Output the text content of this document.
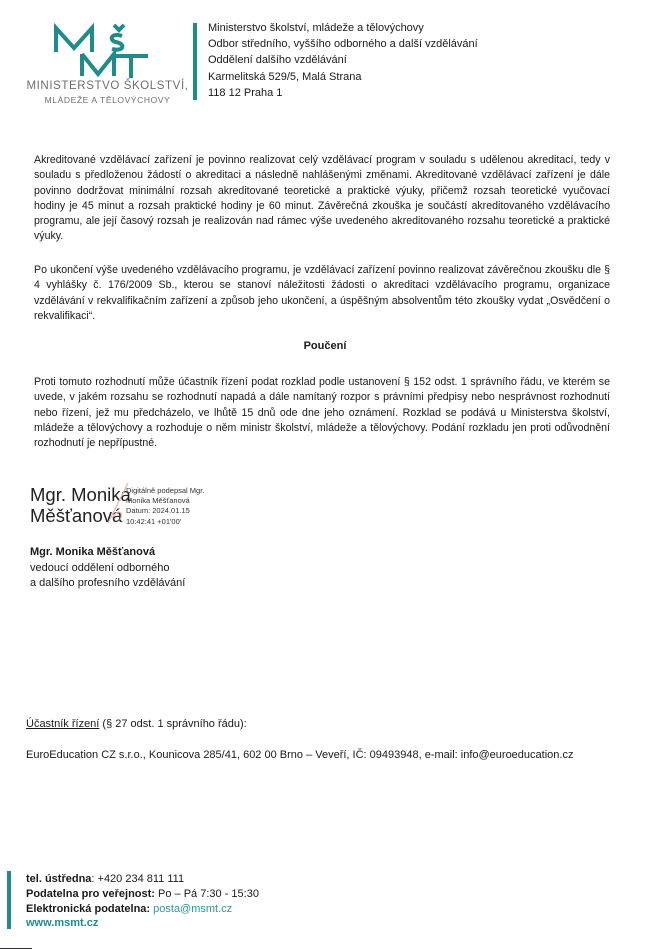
MINISTERSTVO ŠKOLSTVÍ,
MLÁDEŽE A TĚLOVÝCHOVY
Ministerstvo školství, mládeže a tělovýchovy
Odbor středního, vyššího odborného a další vzdělávání
Oddělení dalšího vzdělávání
Karmelitská 529/5, Malá Strana
118 12 Praha 1
Akreditované vzdělávací zařízení je povinno realizovat celý vzdělávací program v souladu s udělenou akreditací, tedy v souladu s předloženou žádostí o akreditaci a následně nahlášenými změnami. Akreditované vzdělávací zařízení je dále povinno dodržovat minimální rozsah akreditované teoretické a praktické výuky, přičemž rozsah teoretické vyučovací hodiny je 45 minut a rozsah praktické hodiny je 60 minut. Závěrečná zkouška je součástí akreditovaného vzdělávacího programu, ale její časový rozsah je realizován nad rámec výše uvedeného akreditovaného rozsahu teoretické a praktické výuky.
Po ukončení výše uvedeného vzdělávacího programu, je vzdělávací zařízení povinno realizovat závěrečnou zkoušku dle § 4 vyhlášky č. 176/2009 Sb., kterou se stanoví náležitosti žádosti o akreditaci vzdělávacího programu, organizace vzdělávání v rekvalifikačním zařízení a způsob jeho ukončení, a úspěšným absolventům této zkoušky vydat „Osvědčení o rekvalifikaci“.
Poučení
Proti tomuto rozhodnutí může účastník řízení podat rozklad podle ustanovení § 152 odst. 1 správního řádu, ve kterém se uvede, v jakém rozsahu se rozhodnutí napadá a dále namítaný rozpor s právními předpisy nebo nesprávnost rozhodnutí nebo řízení, jež mu předcházelo, ve lhůtě 15 dnů ode dne jeho oznámení. Rozklad se podává u Ministerstva školství, mládeže a tělovýchovy a rozhoduje o něm ministr školství, mládeže a tělovýchovy. Podání rozkladu jen proti odůvodnění rozhodnutí je nepřípustné.
Mgr. Monika
Měšťanová
Digitálně podepsal Mgr.
Monika Měšťanová
Datum: 2024.01.15
10:42:41 +01'00'
Mgr. Monika Měšťanová
vedoucí oddělení odborného
a dalšího profesního vzdělávání
Účastník řízení (§ 27 odst. 1 správního řádu):
EuroEducation CZ s.r.o., Kounicova 285/41, 602 00 Brno – Veveří, IČ: 09493948, e-mail: info@euroeducation.cz
tel. ústředna: +420 234 811 111
Podatelna pro veřejnost: Po – Pá 7:30 - 15:30
Elektronická podatelna: posta@msmt.cz
www.msmt.cz
